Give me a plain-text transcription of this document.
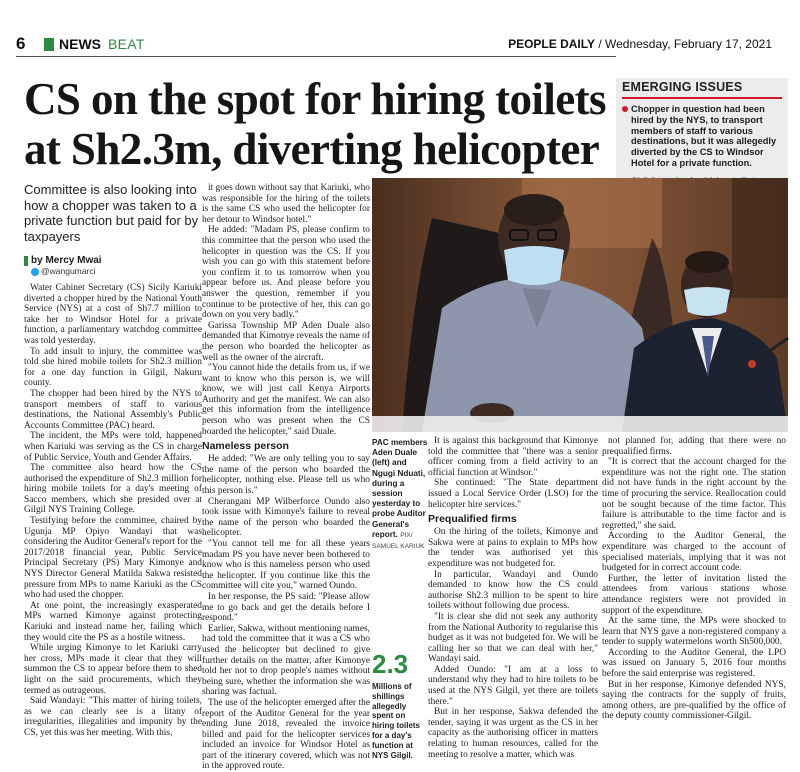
6 NEWS BEAT	PEOPLE DAILY / Wednesday, February 17, 2021
CS on the spot for hiring toilets at Sh2.3m, diverting helicopter
EMERGING ISSUES
Chopper in question had been hired by the NYS, to transport members of staff to various destinations, but it was allegedly diverted by the CS to Windsor Hotel for a private function.
Committee is also looking into how a chopper was taken to a private function but paid for by taxpayers
by Mercy Mwai
@wangumarci

Water Cabinet Secretary (CS) Sicily Kariuki diverted a chopper hired by the National Youth Service (NYS) at a cost of Sh7.7 million to take her to Windsor Hotel for a private function, a parliamentary watchdog committee was told yesterday.

To add insult to injury, the committee was told she hired mobile toilets for Sh2.3 million for a one day function in Gilgil, Nakuru county.

The chopper had been hired by the NYS to transport members of staff to various destinations, the National Assembly's Public Accounts Committee (PAC) heard.

The incident, the MPs were told, happened when Kariuki was serving as the CS in charge of Public Service, Youth and Gender Affairs.

The committee also heard how the CS authorised the expenditure of Sh2.3 million for hiring mobile toilets for a day's meeting of Sacco members, which she presided over at Gilgil NYS Training College.

Testifying before the committee, chaired by Ugunja MP Opiyo Wandayi that was considering the Auditor General's report for the 2017/2018 financial year, Public Service Principal Secretary (PS) Mary Kimonye and NYS Director General Matilda Sakwa resisted pressure from MPs to name Kariuki as the CS who had used the chopper.

At one point, the increasingly exasperated MPs warned Kimonye against protecting Kariuki and instead name her, failing which they would cite the PS as a hostile witness.

While urging Kimonye to let Kariuki carry her cross, MPs made it clear that they will summon the CS to appear before them to shed light on the said procurements, which they termed as outrageous.

Said Wandayi: "This matter of hiring toilets, as we can clearly see is a litany of irregularities, illegalities and impunity by the CS, yet this was her meeting. With this,

it goes down without say that Kariuki, who was responsible for the hiring of the toilets is the same CS who used the helicopter for her detour to Windsor hotel."

He added: "Madam PS, please confirm to this committee that the person who used the helicopter in question was the CS. If you wish you can go with this statement before you confirm it to us tomorrow when you appear before us. And please before you answer the question, remember if you continue to be protective of her, this can go down on you very badly."

Garissa Township MP Aden Duale also demanded that Kimonye reveals the name of the person who boarded the helicopter as well as the owner of the aircraft.

"You cannot hide the details from us, if we want to know who this person is, we will know, we will just call Kenya Airports Authority and get the manifest. We can also get this information from the intelligence person who was present when the CS boarded the helicopter," said Duale.

Nameless person

He added: "We are only telling you to say the name of the person who boarded the helicopter, nothing else. Please tell us who this person is."

Cherangani MP Wilberforce Oundo also took issue with Kimonye's failure to reveal the name of the person who boarded the helicopter.

"You cannot tell me for all these years madam PS you have never been bothered to know who is this nameless person who used the helicopter. If you continue like this the committee will cite you," warned Oundo.

In her response, the PS said: "Please allow me to go back and get the details before I respond."

Earlier, Sakwa, without mentioning names, had told the committee that it was a CS who used the helicopter but declined to give further details on the matter, after Kimonye told her not to drop people's names without being sure, whether the information she was sharing was factual.

The use of the helicopter emerged after the report of the Auditor General for the year ending June 2018, revealed the invoice billed and paid for the helicopter services included an invoice for Windsor Hotel as part of the itinerary covered, which was not in the approved route.

PAC members Aden Duale (left) and Ngugi Nduati, during a session yesterday to probe Auditor General's report. PIX/ SAMUEL KARIUK
2.3
Millions of shillings allegedly spent on hiring toilets for a day's function at NYS Gilgil.

It is against this background that Kimonye told the committee that "there was a senior officer coming from a field activity to an official function at Windsor."

She continued: "The State department issued a Local Service Order (LSO) for the helicopter hire services."

Prequalified firms

On the hiring of the toilets, Kimonye and Sakwa were at pains to explain to MPs how the tender was authorised yet this expenditure was not budgeted for.

In particular, Wandayi and Oundo demanded to know how the CS could authorise Sh2.3 million to be spent to hire toilets without following due process.

"It is clear she did not seek any authority from the National Authority to regularise this budget as it was not budgeted for. We will be calling her so that we can deal with her," Wandayi said.

Added Oundo: "I am at a loss to understand why they had to hire toilets to be used at the NYS Gilgil, yet there are toilets there."

But in her response, Sakwa defended the tender, saying it was urgent as the CS in her capacity as the authorising officer in matters relating to human resources, called for the meeting to resolve a matter, which was

not planned for, adding that there were no prequalified firms.

"It is correct that the account charged for the expenditure was not the right one. The station did not have funds in the right account by the time of procuring the service. Reallocation could not be sought because of the time factor. This failure is attributable to the time factor and is regretted," she said.

According to the Auditor General, the expenditure was charged to the account of specialised materials, implying that it was not budgeted for in correct account code.

Further, the letter of invitation listed the attendees from various stations whose attendance registers were not provided in support of the expenditure.

At the same time, the MPs were shocked to learn that NYS gave a non-registered company a tender to supply watermelons worth Sh500,000.

According to the Auditor General, the LPO was issued on January 5, 2016 four months before the said enterprise was registered.

But in her response, Kimonye defended NYS, saying the contracts for the supply of fruits, among others, are pre-qualified by the office of the deputy county commissioner-Gilgil.
